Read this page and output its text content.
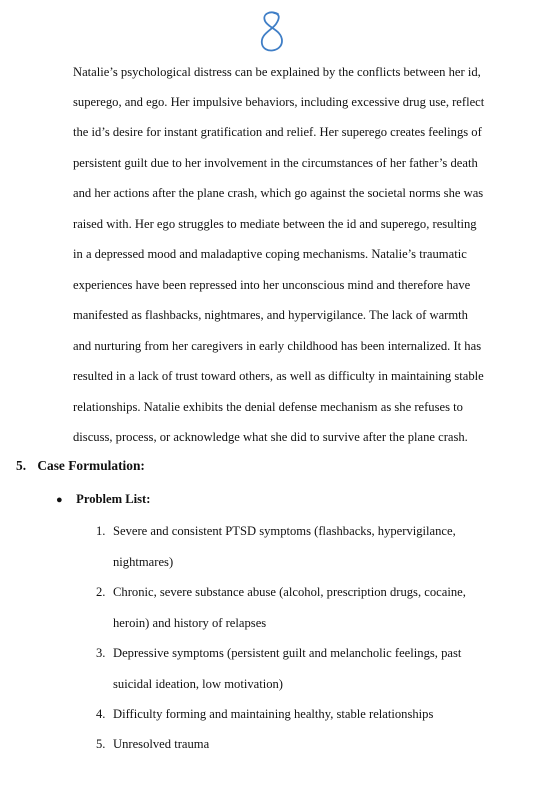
Natalie’s psychological distress can be explained by the conflicts between her id,
superego, and ego. Her impulsive behaviors, including excessive drug use, reflect
the id’s desire for instant gratification and relief. Her superego creates feelings of
persistent guilt due to her involvement in the circumstances of her father’s death
and her actions after the plane crash, which go against the societal norms she was
raised with. Her ego struggles to mediate between the id and superego, resulting
in a depressed mood and maladaptive coping mechanisms. Natalie’s traumatic
experiences have been repressed into her unconscious mind and therefore have
manifested as flashbacks, nightmares, and hypervigilance. The lack of warmth
and nurturing from her caregivers in early childhood has been internalized. It has
resulted in a lack of trust toward others, as well as difficulty in maintaining stable
relationships. Natalie exhibits the denial defense mechanism as she refuses to
discuss, process, or acknowledge what she did to survive after the plane crash.
5. Case Formulation:
● Problem List:
1. Severe and consistent PTSD symptoms (flashbacks, hypervigilance,
nightmares)
2. Chronic, severe substance abuse (alcohol, prescription drugs, cocaine,
heroin) and history of relapses
3. Depressive symptoms (persistent guilt and melancholic feelings, past
suicidal ideation, low motivation)
4. Difficulty forming and maintaining healthy, stable relationships
5. Unresolved trauma
